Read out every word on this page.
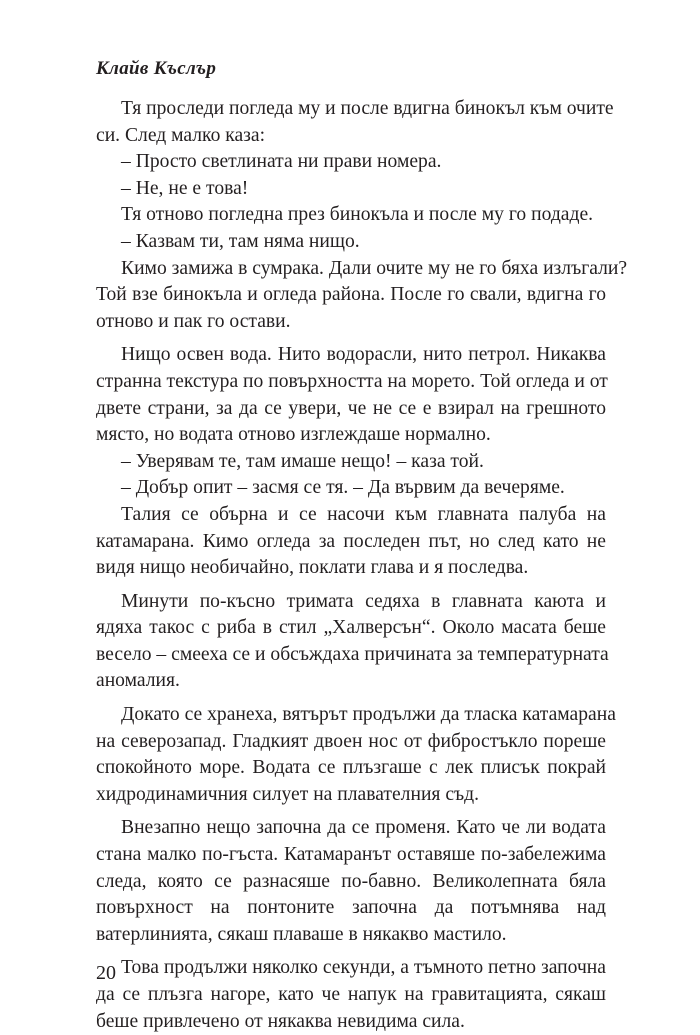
Клайв Къслър
Тя проследи погледа му и после вдигна бинокъл към очите
си. След малко каза:
– Просто светлината ни прави номера.
– Не, не е това!
Тя отново погледна през бинокъла и после му го подаде.
– Казвам ти, там няма нищо.
Кимо замижа в сумрака. Дали очите му не го бяха излъгали?
Той взе бинокъла и огледа района. После го свали, вдигна го
отново и пак го остави.
Нищо освен вода. Нито водорасли, нито петрол. Никаква
странна текстура по повърхността на морето. Той огледа и от
двете страни, за да се увери, че не се е взирал на грешното
място, но водата отново изглеждаше нормално.
– Уверявам те, там имаше нещо! – каза той.
– Добър опит – засмя се тя. – Да вървим да вечеряме.
Талия се обърна и се насочи към главната палуба на
катамарана. Кимо огледа за последен път, но след като не
видя нищо необичайно, поклати глава и я последва.
Минути по-късно тримата седяха в главната каюта и
ядяха такос с риба в стил „Халверсън“. Около масата беше
весело – смееха се и обсъждаха причината за температурната
аномалия.
Докато се хранеха, вятърът продължи да тласка катамарана
на северозапад. Гладкият двоен нос от фибростъкло пореше
спокойното море. Водата се плъзгаше с лек плисък покрай
хидродинамичния силует на плавателния съд.
Внезапно нещо започна да се променя. Като че ли водата
стана малко по-гъста. Катамаранът оставяше по-забележима
следа, която се разнасяше по-бавно. Великолепната бяла
повърхност на понтоните започна да потъмнява над
ватерлинията, сякаш плаваше в някакво мастило.
Това продължи няколко секунди, а тъмното петно започна
да се плъзга нагоре, като че напук на гравитацията, сякаш
беше привлечено от някаква невидима сила.
20
